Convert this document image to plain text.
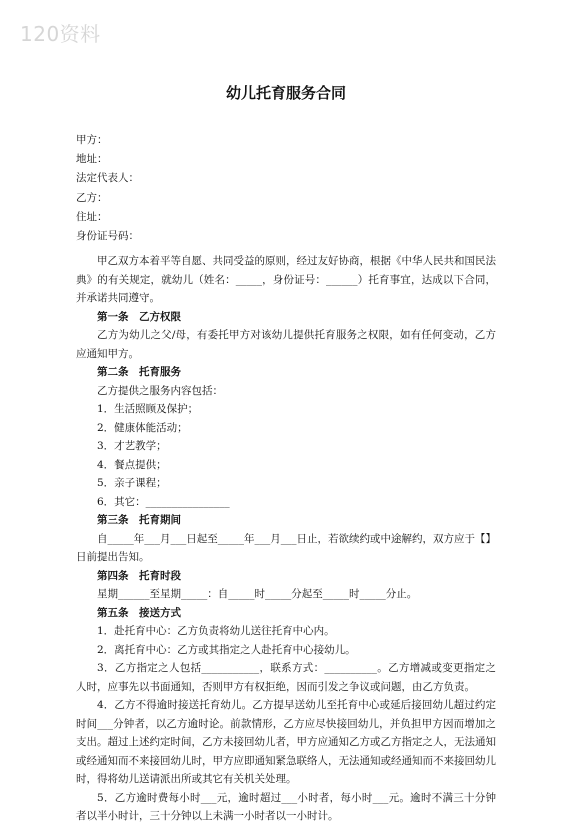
120资料
幼儿托育服务合同
甲方：
地址：
法定代表人：
乙方：
住址：
身份证号码：

甲乙双方本着平等自愿、共同受益的原则，经过友好协商，根据《中华人民共和国民法典》的有关规定，就幼儿（姓名：_____，身份证号：______）托育事宜，达成以下合同，并承诺共同遵守。

第一条　乙方权限

乙方为幼儿之父/母，有委托甲方对该幼儿提供托育服务之权限，如有任何变动，乙方应通知甲方。

第二条　托育服务
乙方提供之服务内容包括：
1．生活照顾及保护；
2．健康体能活动；
3．才艺教学；
4．餐点提供；
5．亲子课程；
6．其它：________________
第三条　托育期间

自_____年___月___日起至_____年___月___日止，若欲续约或中途解约，双方应于【】日前提出告知。

第四条　托育时段

星期______至星期_____：自_____时_____分起至_____时_____分止。

第五条　接送方式

1．赴托育中心：乙方负责将幼儿送往托育中心内。

2．离托育中心：乙方或其指定之人赴托育中心接幼儿。

3．乙方指定之人包括___________，联系方式：__________。乙方增减或变更指定之人时，应事先以书面通知，否则甲方有权拒绝，因而引发之争议或问题，由乙方负责。

4．乙方不得逾时接送托育幼儿。乙方提早送幼儿至托育中心或延后接回幼儿超过约定时间___分钟者，以乙方逾时论。前款情形，乙方应尽快接回幼儿，并负担甲方因而增加之支出。超过上述约定时间，乙方未接回幼儿者，甲方应通知乙方或乙方指定之人，无法通知或经通知而不来接回幼儿时，甲方应即通知紧急联络人，无法通知或经通知而不来接回幼儿时，得将幼儿送请派出所或其它有关机关处理。

5．乙方逾时费每小时___元，逾时超过___小时者，每小时___元。逾时不满三十分钟者以半小时计，三十分钟以上未满一小时者以一小时计。
